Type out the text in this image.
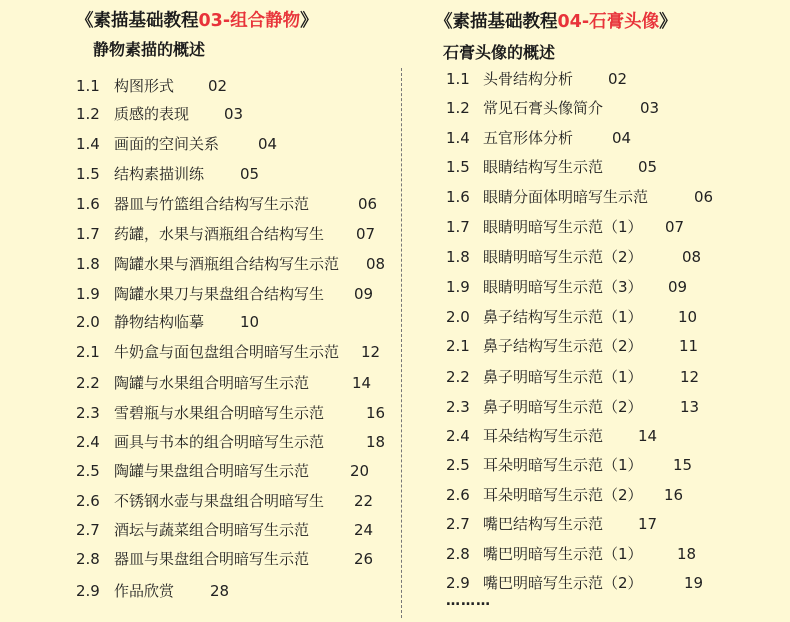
《素描基础教程03-组合静物》
静物素描的概述
1.1 构图形式 02
1.2 质感的表现 03
1.4 画面的空间关系	04
1.5 结构素描训练 05
1.6 器皿与竹篮组合结构写生示范	06
1.7 药罐，水果与酒瓶组合结构写生 07
1.8 陶罐水果与酒瓶组合结构写生示范 08
1.9 陶罐水果刀与果盘组合结构写生 09
2.0 静物结构临摹 10
2.1 牛奶盒与面包盘组合明暗写生示范 12
2.2 陶罐与水果组合明暗写生示范	14
2.3 雪碧瓶与水果组合明暗写生示范	16
2.4 画具与书本的组合明暗写生示范	18
2.5 陶罐与果盘组合明暗写生示范	20
2.6 不锈钢水壶与果盘组合明暗写生 22
2.7 酒坛与蔬菜组合明暗写生示范	24
2.8 器皿与果盘组合明暗写生示范	26
2.9 作品欣赏 28
《素描基础教程04-石膏头像》
石膏头像的概述
1.1 头骨结构分析 02
1.2 常见石膏头像简介 03
1.4 五官形体分析	04
1.5 眼睛结构写生示范 05
1.6 眼睛分面体明暗写生示范	06
1.7 眼睛明暗写生示范（1） 07
1.8 眼睛明暗写生示范（2）	08
1.9 眼睛明暗写生示范（3） 09
2.0 鼻子结构写生示范（1） 10
2.1 鼻子结构写生示范（2） 11
2.2 鼻子明暗写生示范（1） 12
2.3 鼻子明暗写生示范（2） 13
2.4 耳朵结构写生示范 14
2.5 耳朵明暗写生示范（1） 15
2.6 耳朵明暗写生示范（2） 16
2.7 嘴巴结构写生示范 17
2.8 嘴巴明暗写生示范（1） 18
2.9 嘴巴明暗写生示范（2）	19
………
